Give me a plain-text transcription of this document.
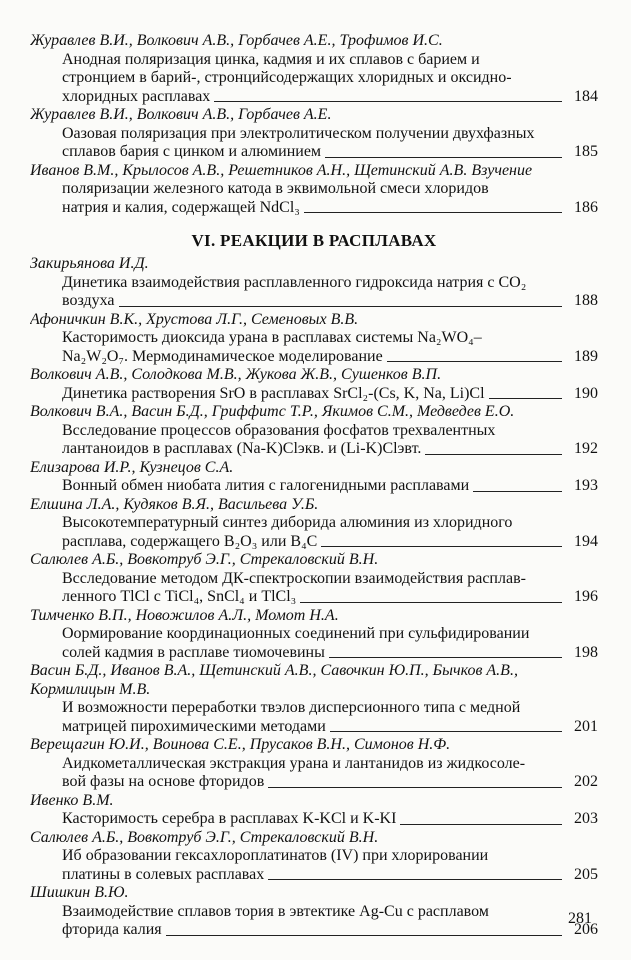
Журавлев В.И., Волкович А.В., Горбачев А.Е., Трофимов И.С.
Анодная поляризация цинка, кадмия и их сплавов с барием и
стронцием в барий-, стронцийсодержащих хлоридных и оксидно-
хлоридных расплавах	184
Журавлев В.И., Волкович А.В., Горбачев А.Е.
Оазовая поляризация при электролитическом получении двухфазных
сплавов бария с цинком и алюминием	185
Иванов В.М., Крылосов А.В., Решетников А.Н., Щетинский А.В. Взучение
поляризации железного катода в эквимольной смеси хлоридов
натрия и калия, содержащей NdCl₃	186
VI. РЕАКЦИИ В РАСПЛАВАХ
Закирьянова И.Д.
Динетика взаимодействия расплавленного гидроксида натрия с CO₂
воздуха	188
Афоничкин В.К., Хрустова Л.Г., Семеновых В.В.
Касторимость диоксида урана в расплавах системы Na₂WO₄–
Na₂W₂O₇. Мермодинамическое моделирование	189
Волкович А.В., Солодкова М.В., Жукова Ж.В., Сушенков В.П.
Динетика растворения SrO в расплавах SrCl₂-(Cs, K, Na, Li)Cl	190
Волкович В.А., Васин Б.Д., Гриффитс Т.Р., Якимов С.М., Медведев Е.О.
Всследование процессов образования фосфатов трехвалентных
лантаноидов в расплавах (Na-K)Clэкв. и (Li-K)Clэвт.	192
Елизарова И.Р., Кузнецов С.А.
Вонный обмен ниобата лития с галогенидными расплавами	193
Елшина Л.А., Кудяков В.Я., Васильева У.Б.
Высокотемпературный синтез диборида алюминия из хлоридного
расплава, содержащего B₂O₃ или B₄C	194
Салюлев А.Б., Вовкотруб Э.Г., Стрекаловский В.Н.
Всследование методом ДК-спектроскопии взаимодействия расплав-
ленного TlCl с TiCl₄, SnCl₄ и TlCl₃	196
Тимченко В.П., Новожилов А.Л., Момот Н.А.
Оормирование координационных соединений при сульфидировании
солей кадмия в расплаве тиомочевины	198
Васин Б.Д., Иванов В.А., Щетинский А.В., Савочкин Ю.П., Бычков А.В.,
Кормилицын М.В.
И возможности переработки твэлов дисперсионного типа с медной
матрицей пирохимическими методами	201
Верещагин Ю.И., Воинова С.Е., Прусаков В.Н., Симонов Н.Ф.
Аидкометаллическая экстракция урана и лантанидов из жидкосоле-
вой фазы на основе фторидов	202
Ивенко В.М.
Касторимость серебра в расплавах K-KCl и K-KI	203
Салюлев А.Б., Вовкотруб Э.Г., Стрекаловский В.Н.
Иб образовании гексахлороплатинатов (IV) при хлорировании
платины в солевых расплавах	205
Шишкин В.Ю.
Взаимодействие сплавов тория в эвтектике Ag-Cu с расплавом
фторида калия	206
281
